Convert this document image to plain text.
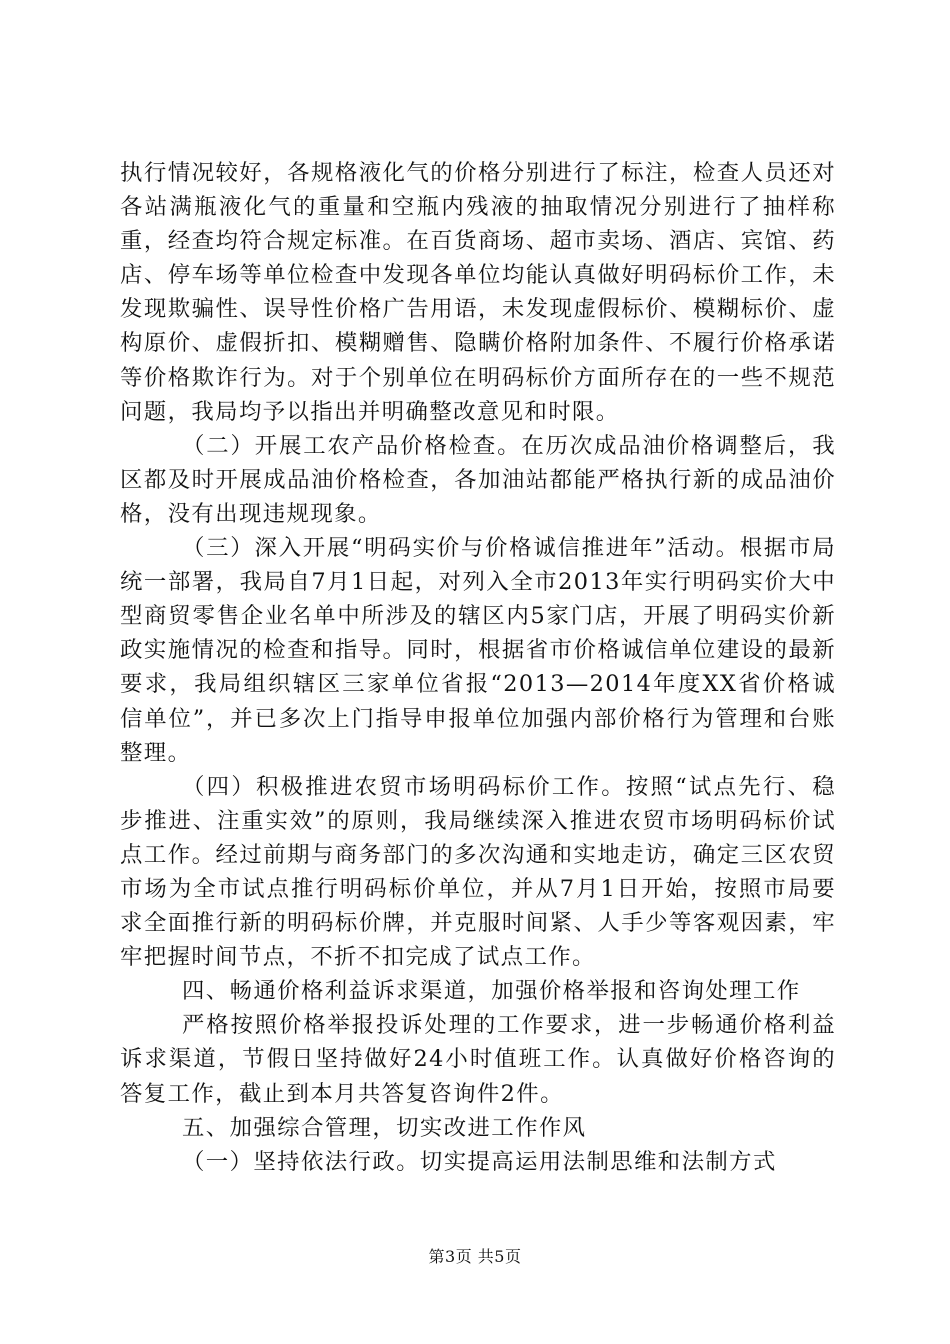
执行情况较好，各规格液化气的价格分别进行了标注，检查人员还对各站满瓶液化气的重量和空瓶内残液的抽取情况分别进行了抽样称重，经查均符合规定标准。在百货商场、超市卖场、酒店、宾馆、药店、停车场等单位检查中发现各单位均能认真做好明码标价工作，未发现欺骗性、误导性价格广告用语，未发现虚假标价、模糊标价、虚构原价、虚假折扣、模糊赠售、隐瞒价格附加条件、不履行价格承诺等价格欺诈行为。对于个别单位在明码标价方面所存在的一些不规范问题，我局均予以指出并明确整改意见和时限。

（二）开展工农产品价格检查。在历次成品油价格调整后，我区都及时开展成品油价格检查，各加油站都能严格执行新的成品油价格，没有出现违规现象。

（三）深入开展“明码实价与价格诚信推进年”活动。根据市局统一部署，我局自7月1日起，对列入全市2013年实行明码实价大中型商贸零售企业名单中所涉及的辖区内5家门店，开展了明码实价新政实施情况的检查和指导。同时，根据省市价格诚信单位建设的最新要求，我局组织辖区三家单位省报“2013—2014年度XX省价格诚信单位”，并已多次上门指导申报单位加强内部价格行为管理和台账整理。

（四）积极推进农贸市场明码标价工作。按照“试点先行、稳步推进、注重实效”的原则，我局继续深入推进农贸市场明码标价试点工作。经过前期与商务部门的多次沟通和实地走访，确定三区农贸市场为全市试点推行明码标价单位，并从7月1日开始，按照市局要求全面推行新的明码标价牌，并克服时间紧、人手少等客观因素，牢牢把握时间节点，不折不扣完成了试点工作。

四、畅通价格利益诉求渠道，加强价格举报和咨询处理工作

严格按照价格举报投诉处理的工作要求，进一步畅通价格利益诉求渠道，节假日坚持做好24小时值班工作。认真做好价格咨询的答复工作，截止到本月共答复咨询件2件。

五、加强综合管理，切实改进工作作风

（一）坚持依法行政。切实提高运用法制思维和法制方式

第3页 共5页
